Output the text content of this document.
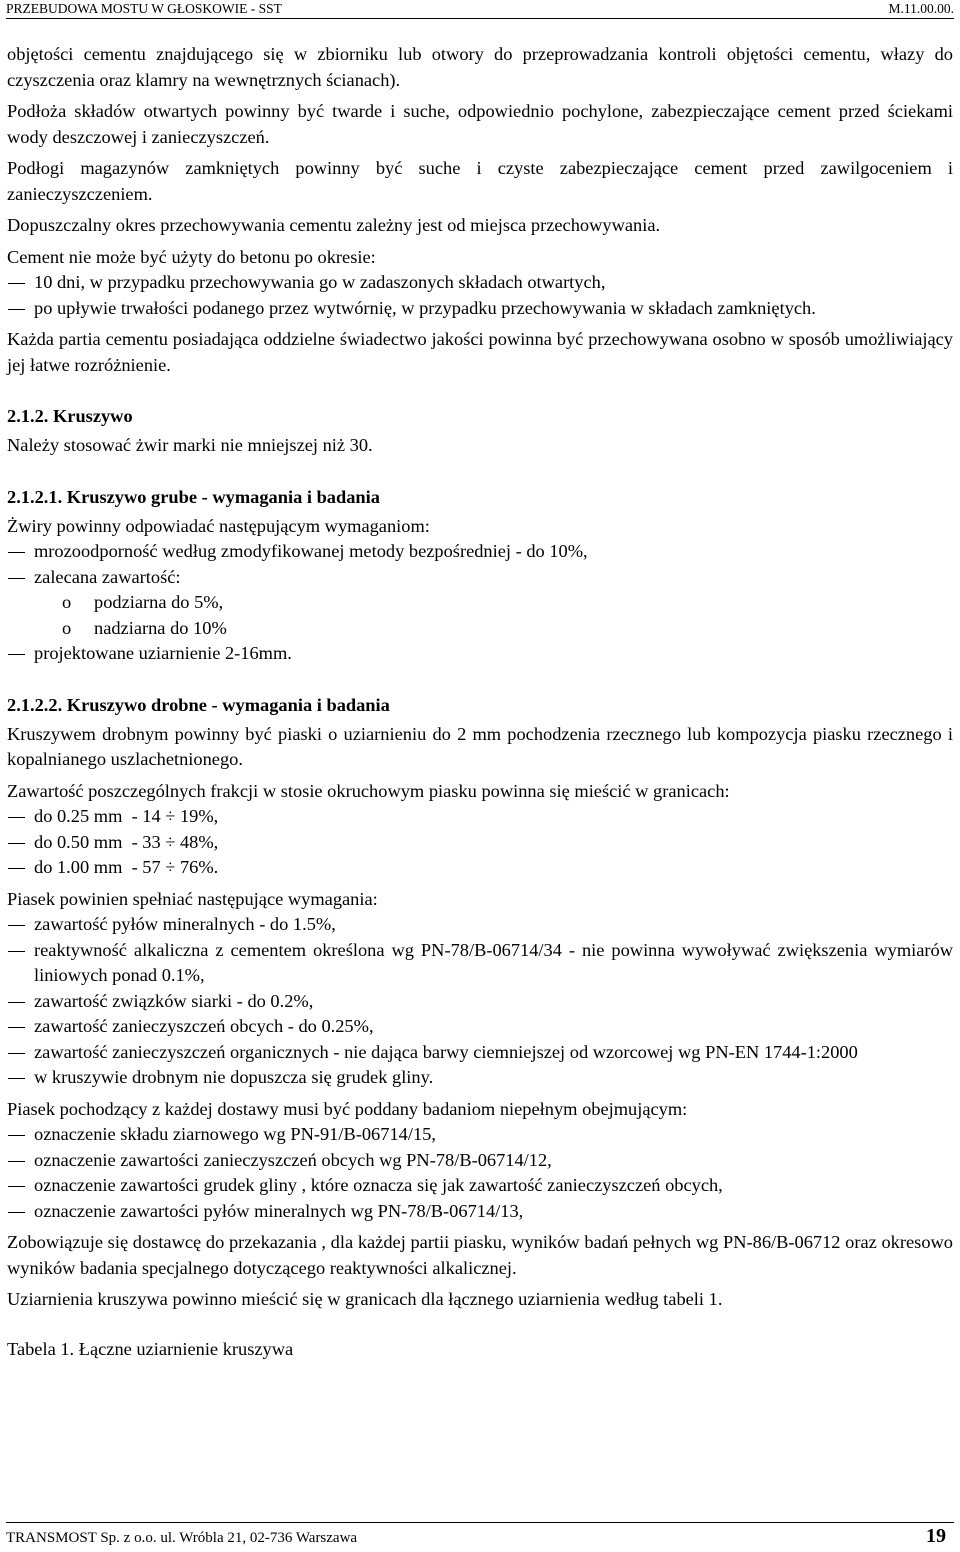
PRZEBUDOWA MOSTU W GŁOSKOWIE - SST	M.11.00.00.

objętości cementu znajdującego się w zbiorniku lub otwory do przeprowadzania kontroli objętości cementu, włazy do czyszczenia oraz klamry na wewnętrznych ścianach).

Podłoża składów otwartych powinny być twarde i suche, odpowiednio pochylone, zabezpieczające cement przed ściekami wody deszczowej i zanieczyszczeń.

Podłogi magazynów zamkniętych powinny być suche i czyste zabezpieczające cement przed zawilgoceniem i zanieczyszczeniem.

Dopuszczalny okres przechowywania cementu zależny jest od miejsca przechowywania.

Cement nie może być użyty do betonu po okresie:

10 dni, w przypadku przechowywania go w zadaszonych składach otwartych,
po upływie trwałości podanego przez wytwórnię, w przypadku przechowywania w składach zamkniętych.

Każda partia cementu posiadająca oddzielne świadectwo jakości powinna być przechowywana osobno w sposób umożliwiający jej łatwe rozróżnienie.

2.1.2. Kruszywo

Należy stosować żwir marki nie mniejszej niż 30.

2.1.2.1. Kruszywo grube - wymagania i badania

Żwiry powinny odpowiadać następującym wymaganiom:

mrozoodporność według zmodyfikowanej metody bezpośredniej - do 10%,
zalecana zawartość:
o podziarna do 5%,
o nadziarna do 10%
projektowane uziarnienie 2-16mm.
2.1.2.2. Kruszywo drobne - wymagania i badania

Kruszywem drobnym powinny być piaski o uziarnieniu do 2 mm pochodzenia rzecznego lub kompozycja piasku rzecznego i kopalnianego uszlachetnionego.

Zawartość poszczególnych frakcji w stosie okruchowym piasku powinna się mieścić w granicach:

do 0.25 mm  - 14 ÷ 19%,
do 0.50 mm  - 33 ÷ 48%,
do 1.00 mm  - 57 ÷ 76%.

Piasek powinien spełniać następujące wymagania:

zawartość pyłów mineralnych - do 1.5%,
reaktywność alkaliczna z cementem określona wg PN-78/B-06714/34 - nie powinna wywoływać zwiększenia wymiarów liniowych ponad 0.1%,
zawartość związków siarki - do 0.2%,
zawartość zanieczyszczeń obcych - do 0.25%,
zawartość zanieczyszczeń organicznych - nie dająca barwy ciemniejszej od wzorcowej wg PN-EN 1744-1:2000
w kruszywie drobnym nie dopuszcza się grudek gliny.

Piasek pochodzący z każdej dostawy musi być poddany badaniom niepełnym obejmującym:

oznaczenie składu ziarnowego wg PN-91/B-06714/15,
oznaczenie zawartości zanieczyszczeń obcych wg PN-78/B-06714/12,
oznaczenie zawartości grudek gliny , które oznacza się jak zawartość zanieczyszczeń obcych,
oznaczenie zawartości pyłów mineralnych wg PN-78/B-06714/13,

Zobowiązuje się dostawcę do przekazania , dla każdej partii piasku, wyników badań pełnych wg PN-86/B-06712 oraz okresowo wyników badania specjalnego dotyczącego reaktywności alkalicznej.

Uziarnienia kruszywa powinno mieścić się w granicach dla łącznego uziarnienia według tabeli 1.

Tabela 1. Łączne uziarnienie kruszywa

TRANSMOST Sp. z o.o. ul. Wróbla 21, 02-736 Warszawa	19
